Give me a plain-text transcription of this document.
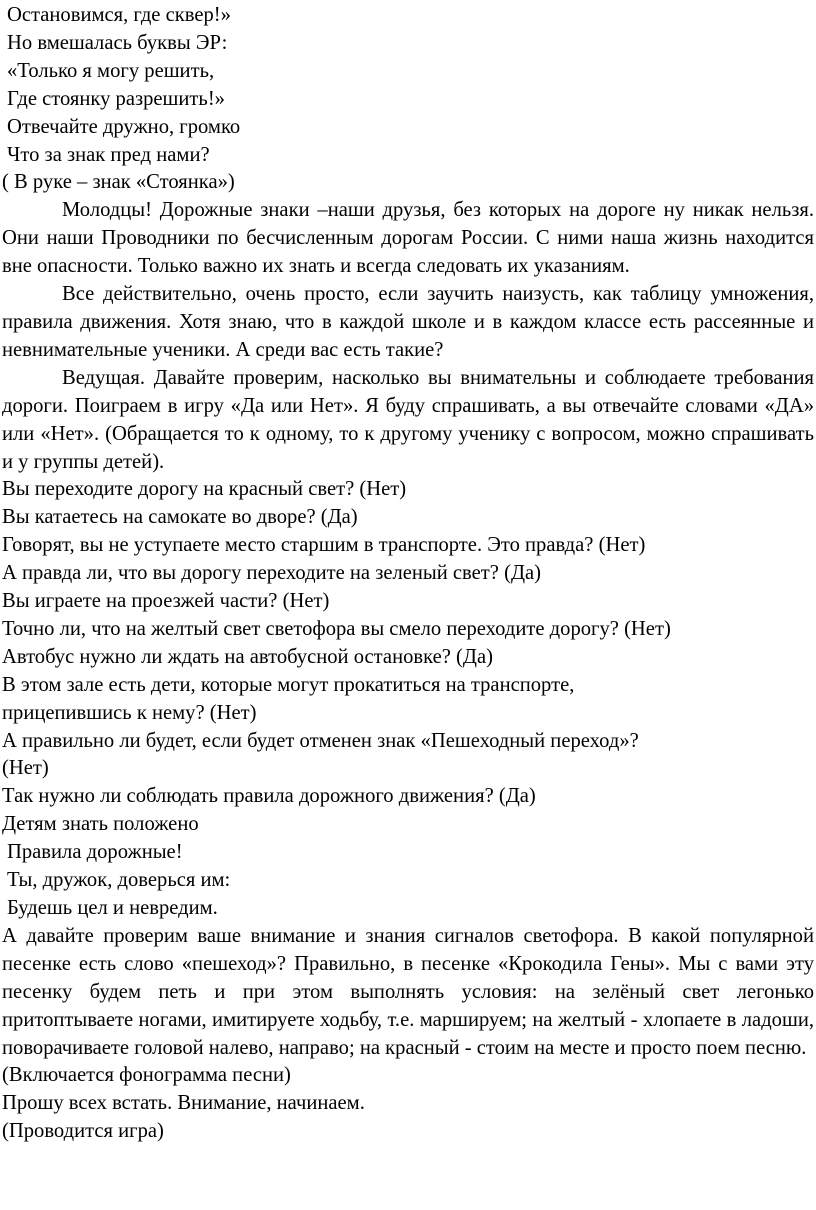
Остановимся, где сквер!»
Но вмешалась буквы ЭР:
«Только я могу решить,
Где стоянку разрешить!»
Отвечайте дружно, громко
Что за знак пред нами?
( В руке – знак «Стоянка»)
Молодцы! Дорожные знаки –наши друзья, без которых на дороге ну никак нельзя. Они наши Проводники по бесчисленным дорогам России. С ними наша жизнь находится вне опасности. Только важно их знать и всегда следовать их указаниям.
Все действительно, очень просто, если заучить наизусть, как таблицу умножения, правила движения. Хотя знаю, что в каждой школе и в каждом классе есть рассеянные и невнимательные ученики. А среди вас есть такие?
Ведущая. Давайте проверим, насколько вы внимательны и соблюдаете требования дороги. Поиграем в игру «Да или Нет». Я буду спрашивать, а вы отвечайте словами «ДА» или «Нет». (Обращается то к одному, то к другому ученику с вопросом, можно спрашивать и у группы детей).
Вы переходите дорогу на красный свет? (Нет)
Вы катаетесь на самокате во дворе? (Да)
Говорят, вы не уступаете место старшим в транспорте. Это правда? (Нет)
А правда ли, что вы дорогу переходите на зеленый свет? (Да)
Вы играете на проезжей части? (Нет)
Точно ли, что на желтый свет светофора вы смело переходите дорогу? (Нет)
Автобус нужно ли ждать на автобусной остановке? (Да)
В этом зале есть дети, которые могут прокатиться на транспорте,
прицепившись к нему? (Нет)
А правильно ли будет, если будет отменен знак «Пешеходный переход»?
(Нет)
Так нужно ли соблюдать правила дорожного движения? (Да)
Детям знать положено
Правила дорожные!
Ты, дружок, доверься им:
Будешь цел и невредим.
А давайте проверим ваше внимание и знания сигналов светофора. В какой популярной песенке есть слово «пешеход»? Правильно, в песенке «Крокодила Гены». Мы с вами эту песенку будем петь и при этом выполнять условия: на зелёный свет легонько притоптываете ногами, имитируете ходьбу, т.е. маршируем; на желтый - хлопаете в ладоши, поворачиваете головой налево, направо; на красный - стоим на месте и просто поем песню.
(Включается фонограмма песни)
Прошу всех встать. Внимание, начинаем.
(Проводится игра)
